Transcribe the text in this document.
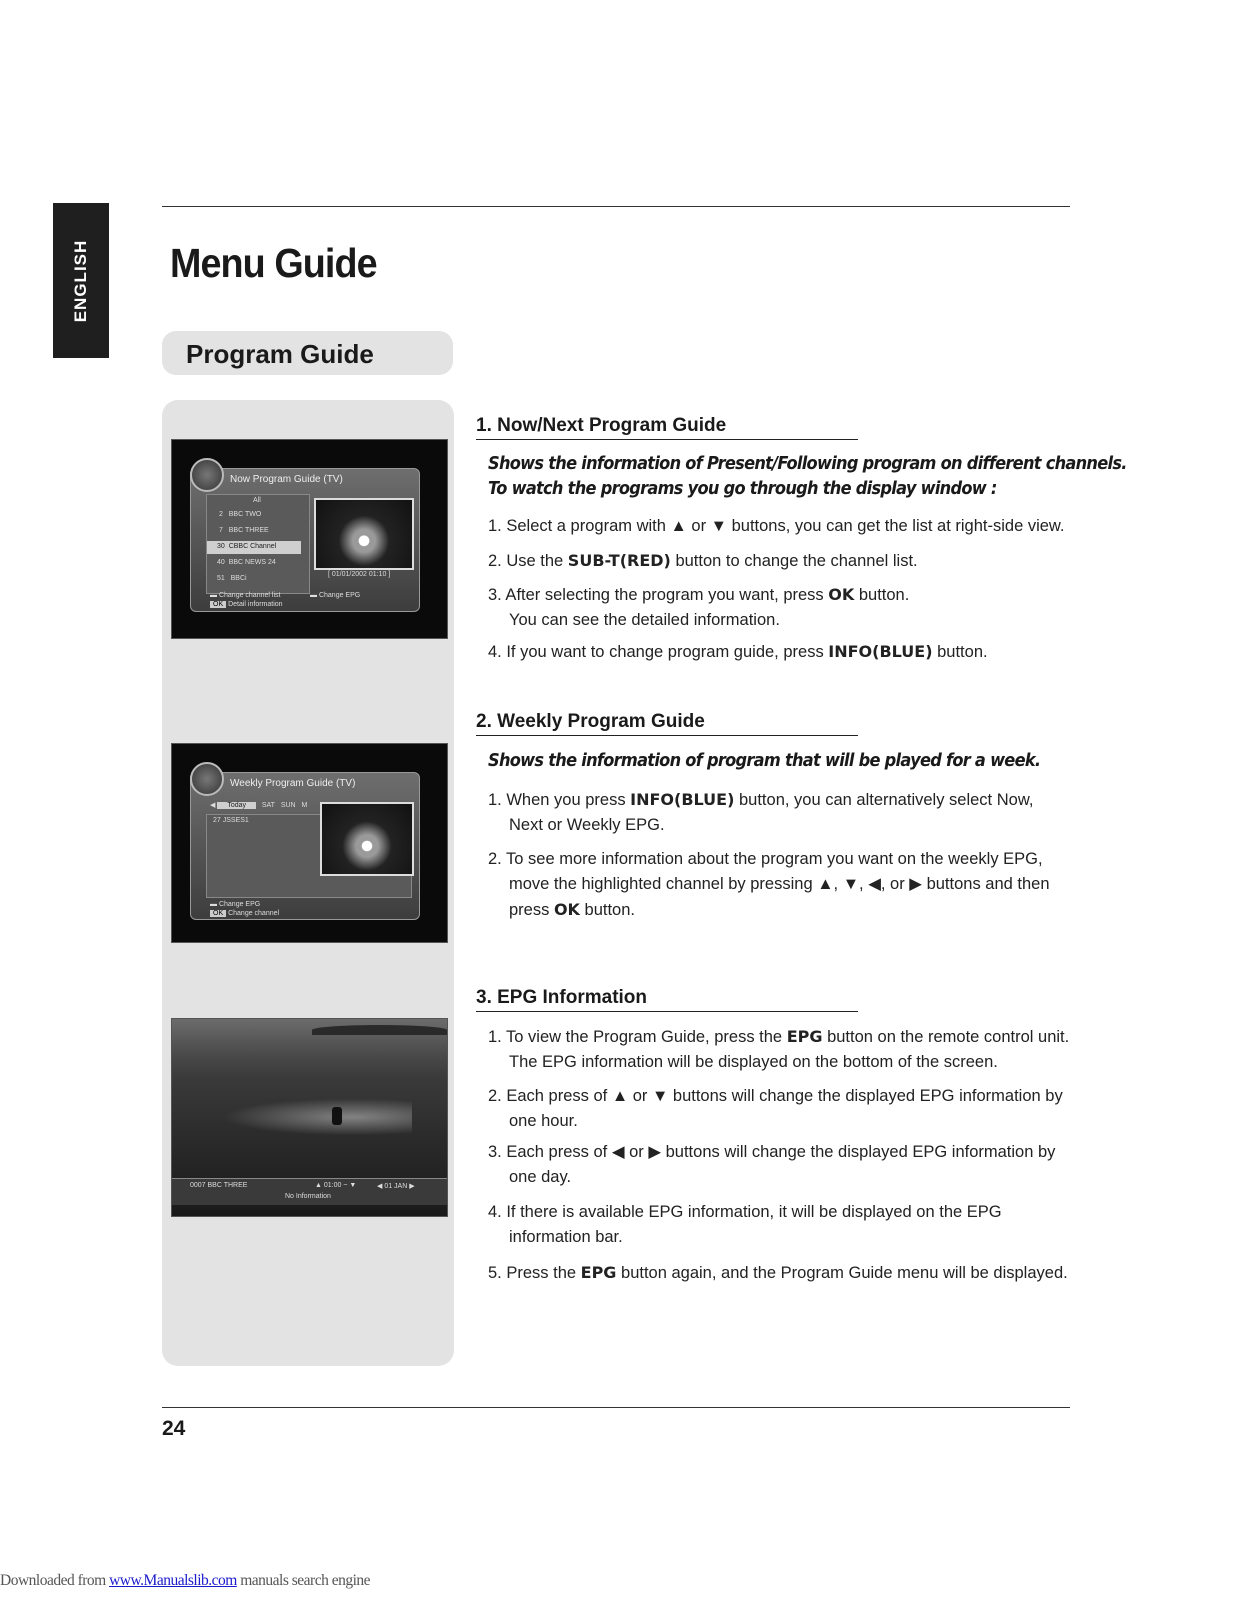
ENGLISH Menu Guide
Program Guide
Now Program Guide (TV)
All
2 BBC TWO
7 BBC THREE
30 CBBC Channel
40 BBC NEWS 24
51 BBCi
[ 01/01/2002 01:10 ]
▬ Change channel list	▬ Change EPG
OK Detail information
Weekly Program Guide (TV)
◀ Today SAT SUN M
27 JSSES1
▬ Change EPG
OK Change channel
0007 BBC THREE	▲ 01:00 ~ ▼	◀ 01 JAN ▶
No Information
1. Now/Next Program Guide
Shows the information of Present/Following program on different channels.
To watch the programs you go through the display window :
1. Select a program with ▲ or ▼ buttons, you can get the list at right-side view.
2. Use the SUB-T(RED) button to change the channel list.
3. After selecting the program you want, press OK button.
You can see the detailed information.
4. If you want to change program guide, press INFO(BLUE) button.
2. Weekly Program Guide
Shows the information of program that will be played for a week.
1. When you press INFO(BLUE) button, you can alternatively select Now,
Next or Weekly EPG.
2. To see more information about the program you want on the weekly EPG,
move the highlighted channel by pressing ▲, ▼, ◀, or ▶ buttons and then
press OK button.
3. EPG Information
1. To view the Program Guide, press the EPG button on the remote control unit.
The EPG information will be displayed on the bottom of the screen.
2. Each press of ▲ or ▼ buttons will change the displayed EPG information by
one hour.
3. Each press of ◀ or ▶ buttons will change the displayed EPG information by
one day.
4. If there is available EPG information, it will be displayed on the EPG
information bar.
5. Press the EPG button again, and the Program Guide menu will be displayed.
24
Downloaded from www.Manualslib.com manuals search engine
